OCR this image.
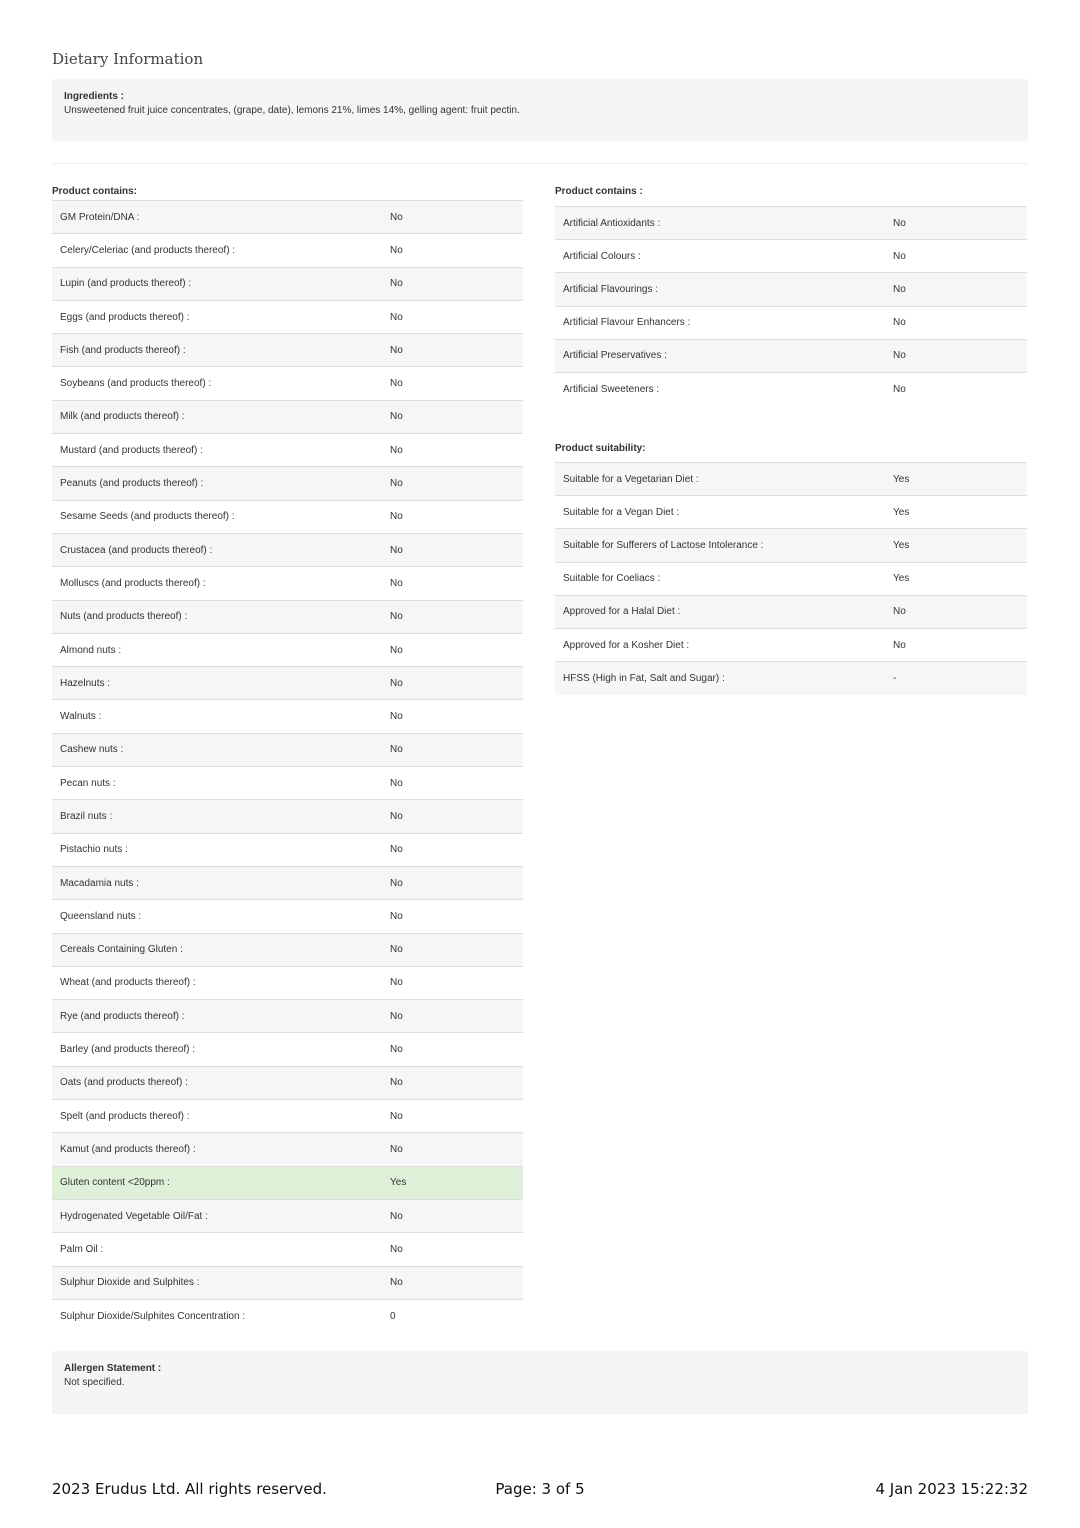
Dietary Information
Ingredients :
Unsweetened fruit juice concentrates, (grape, date), lemons 21%, limes 14%, gelling agent: fruit pectin.
Product contains:
GM Protein/DNA :	No
Celery/Celeriac (and products thereof) :	No
Lupin (and products thereof) :	No
Eggs (and products thereof) :	No
Fish (and products thereof) :	No
Soybeans (and products thereof) :	No
Milk (and products thereof) :	No
Mustard (and products thereof) :	No
Peanuts (and products thereof) :	No
Sesame Seeds (and products thereof) :	No
Crustacea (and products thereof) :	No
Molluscs (and products thereof) :	No
Nuts (and products thereof) :	No
Almond nuts :	No
Hazelnuts :	No
Walnuts :	No
Cashew nuts :	No
Pecan nuts :	No
Brazil nuts :	No
Pistachio nuts :	No
Macadamia nuts :	No
Queensland nuts :	No
Cereals Containing Gluten :	No
Wheat (and products thereof) :	No
Rye (and products thereof) :	No
Barley (and products thereof) :	No
Oats (and products thereof) :	No
Spelt (and products thereof) :	No
Kamut (and products thereof) :	No
Gluten content <20ppm :	Yes
Hydrogenated Vegetable Oil/Fat :	No
Palm Oil :	No
Sulphur Dioxide and Sulphites :	No
Sulphur Dioxide/Sulphites Concentration :	0
Product contains :
Artificial Antioxidants :	No
Artificial Colours :	No
Artificial Flavourings :	No
Artificial Flavour Enhancers :	No
Artificial Preservatives :	No
Artificial Sweeteners :	No
Product suitability:
Suitable for a Vegetarian Diet :	Yes
Suitable for a Vegan Diet :	Yes
Suitable for Sufferers of Lactose Intolerance :	Yes
Suitable for Coeliacs :	Yes
Approved for a Halal Diet :	No
Approved for a Kosher Diet :	No
HFSS (High in Fat, Salt and Sugar) :	-
Allergen Statement :
Not specified.
2023 Erudus Ltd. All rights reserved.	Page: 3 of 5	4 Jan 2023 15:22:32
